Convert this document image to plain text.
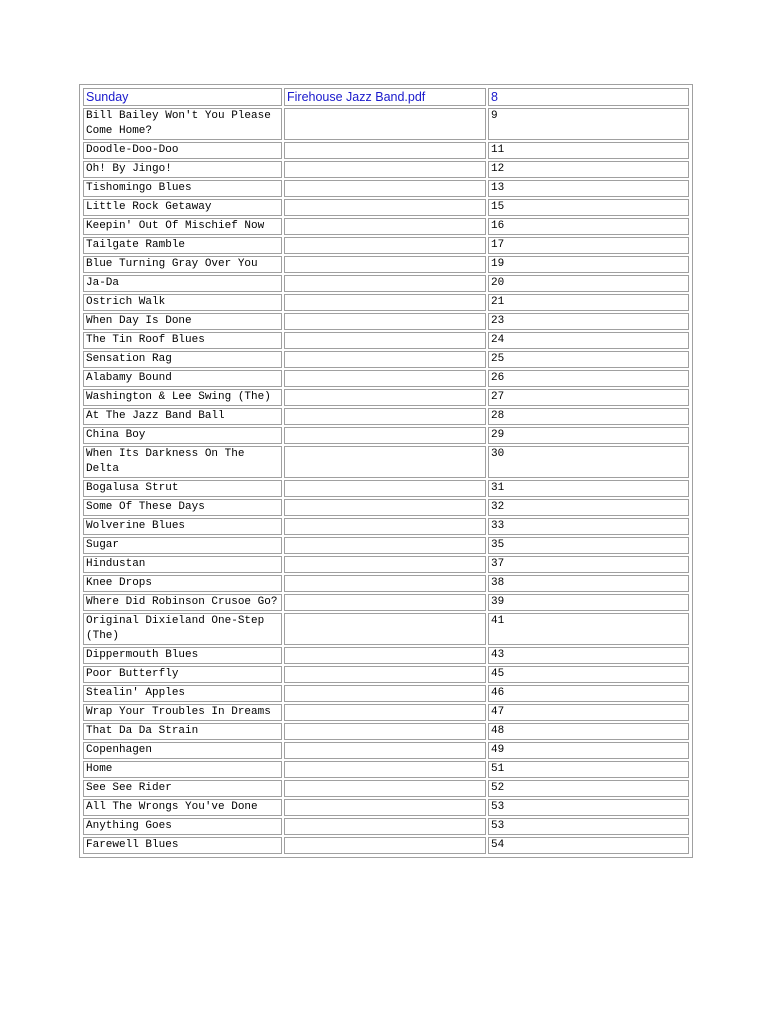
Sunday	Firehouse Jazz Band.pdf	8
Bill Bailey Won't You Please Come Home?		9
Doodle-Doo-Doo		11
Oh! By Jingo!		12
Tishomingo Blues		13
Little Rock Getaway		15
Keepin' Out Of Mischief Now		16
Tailgate Ramble		17
Blue Turning Gray Over You		19
Ja-Da		20
Ostrich Walk		21
When Day Is Done		23
The Tin Roof Blues		24
Sensation Rag		25
Alabamy Bound		26
Washington & Lee Swing (The)		27
At The Jazz Band Ball		28
China Boy		29
When Its Darkness On The Delta		30
Bogalusa Strut		31
Some Of These Days		32
Wolverine Blues		33
Sugar		35
Hindustan		37
Knee Drops		38
Where Did Robinson Crusoe Go?		39
Original Dixieland One-Step (The)		41
Dippermouth Blues		43
Poor Butterfly		45
Stealin' Apples		46
Wrap Your Troubles In Dreams		47
That Da Da Strain		48
Copenhagen		49
Home		51
See See Rider		52
All The Wrongs You've Done		53
Anything Goes		53
Farewell Blues		54
